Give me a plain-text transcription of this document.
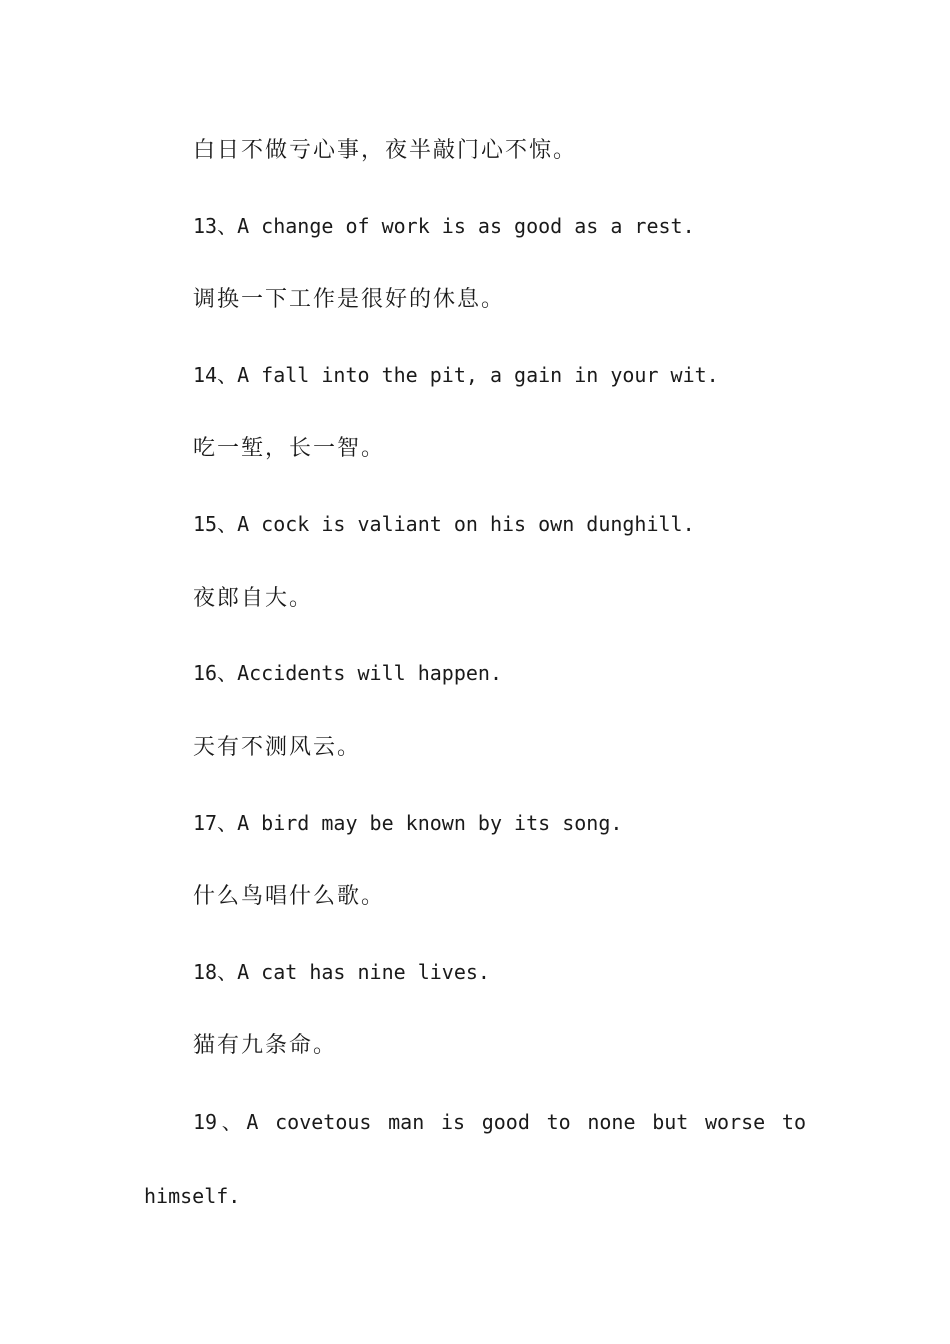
白日不做亏心事，夜半敲门心不惊。
13、A change of work is as good as a rest.
调换一下工作是很好的休息。
14、A fall into the pit, a gain in your wit.
吃一堑，长一智。
15、A cock is valiant on his own dunghill.
夜郎自大。
16、Accidents will happen.
天有不测风云。
17、A bird may be known by its song.
什么鸟唱什么歌。
18、A cat has nine lives.
猫有九条命。
19、A covetous man is good to none but worse to
himself.
